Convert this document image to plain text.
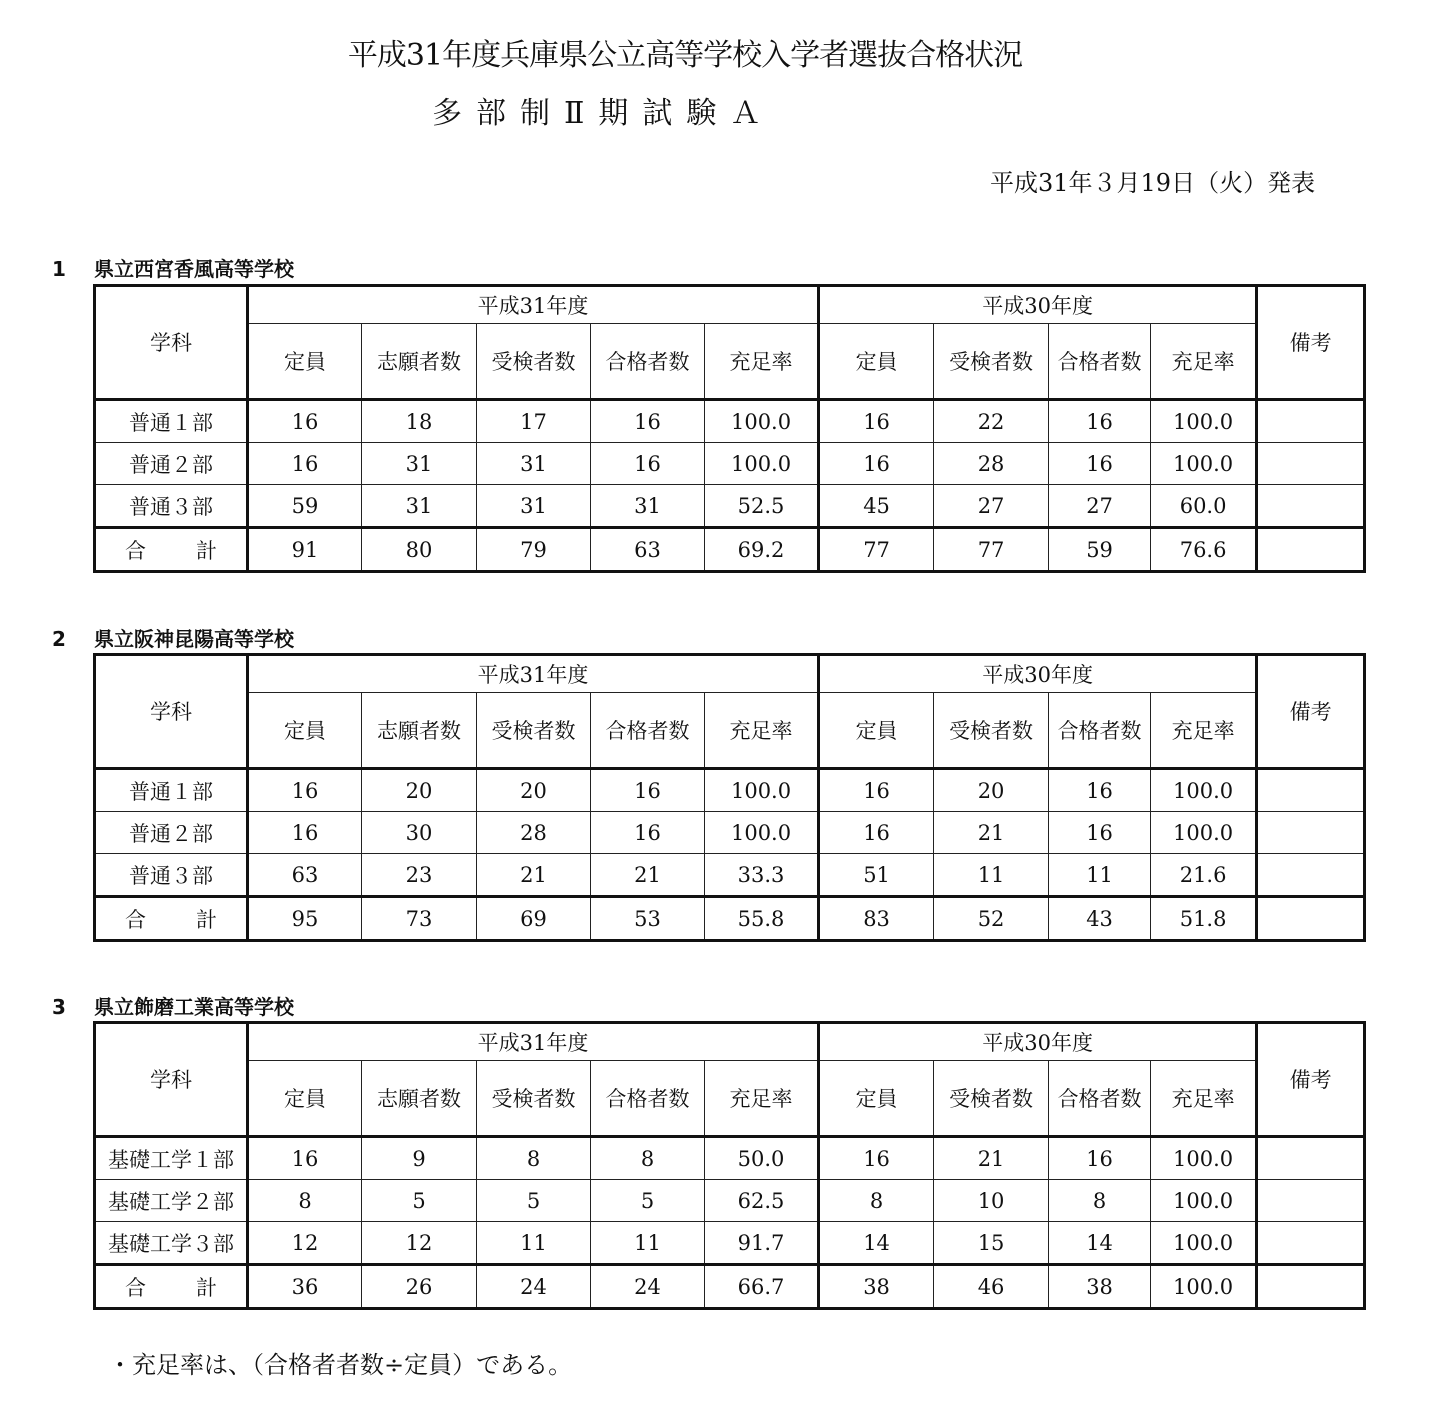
平成31年度兵庫県公立高等学校入学者選抜合格状況
多部制Ⅱ期試験Ａ
平成31年３月19日（火）発表
1 県立西宮香風高等学校
学科	平成31年度					平成30年度				備考
	定員	志願者数	受検者数	合格者数	充足率	定員	受検者数	合格者数	充足率	
普通１部	16	18	17	16	100.0	16	22	16	100.0	
普通２部	16	31	31	16	100.0	16	28	16	100.0	
普通３部	59	31	31	31	52.5	45	27	27	60.0	
合計	91	80	79	63	69.2	77	77	59	76.6	
2 県立阪神昆陽高等学校
学科	平成31年度					平成30年度				備考
	定員	志願者数	受検者数	合格者数	充足率	定員	受検者数	合格者数	充足率	
普通１部	16	20	20	16	100.0	16	20	16	100.0	
普通２部	16	30	28	16	100.0	16	21	16	100.0	
普通３部	63	23	21	21	33.3	51	11	11	21.6	
合計	95	73	69	53	55.8	83	52	43	51.8	
3 県立飾磨工業高等学校
学科	平成31年度					平成30年度				備考
	定員	志願者数	受検者数	合格者数	充足率	定員	受検者数	合格者数	充足率	
基礎工学１部	16	9	8	8	50.0	16	21	16	100.0	
基礎工学２部	8	5	5	5	62.5	8	10	8	100.0	
基礎工学３部	12	12	11	11	91.7	14	15	14	100.0	
合計	36	26	24	24	66.7	38	46	38	100.0	
・充足率は、（合格者者数÷定員）である。
